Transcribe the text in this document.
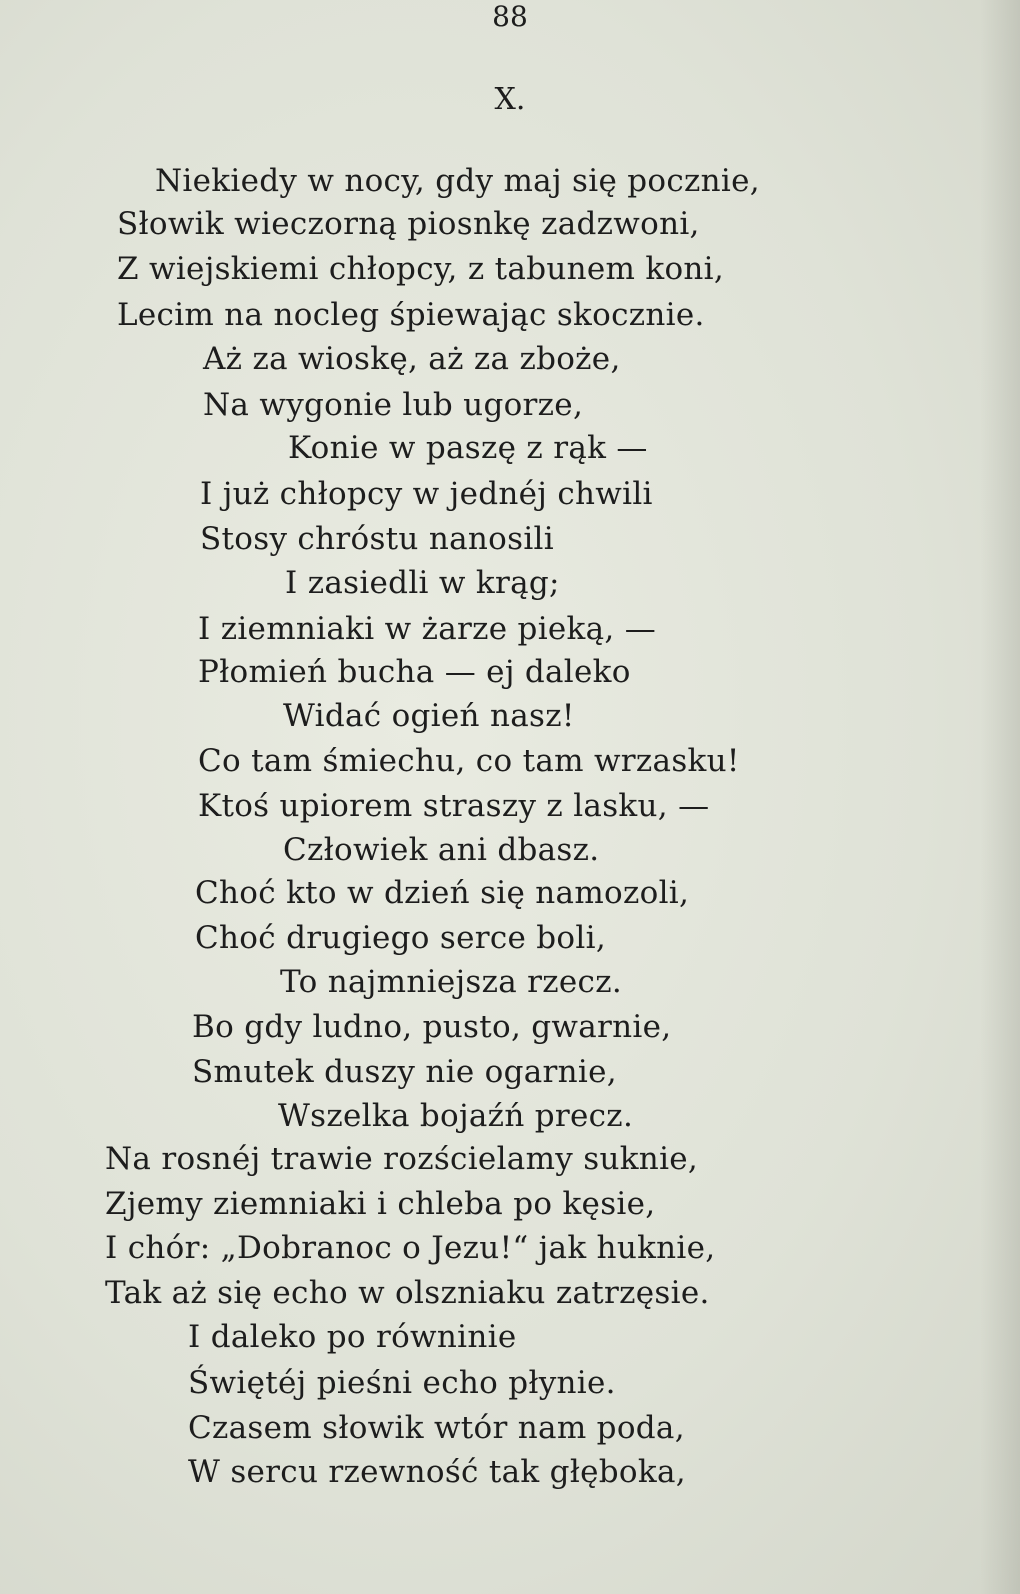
88
X.
Niekiedy w nocy, gdy maj się pocznie,
Słowik wieczorną piosnkę zadzwoni,
Z wiejskiemi chłopcy, z tabunem koni,
Lecim na nocleg śpiewając skocznie.
Aż za wioskę, aż za zboże,
Na wygonie lub ugorze,
Konie w paszę z rąk —
I już chłopcy w jednéj chwili
Stosy chróstu nanosili
I zasiedli w krąg;
I ziemniaki w żarze pieką, —
Płomień bucha — ej daleko
Widać ogień nasz!
Co tam śmiechu, co tam wrzasku!
Ktoś upiorem straszy z lasku, —
Człowiek ani dbasz.
Choć kto w dzień się namozoli,
Choć drugiego serce boli,
To najmniejsza rzecz.
Bo gdy ludno, pusto, gwarnie,
Smutek duszy nie ogarnie,
Wszelka bojaźń precz.
Na rosnéj trawie rozścielamy suknie,
Zjemy ziemniaki i chleba po kęsie,
I chór: „Dobranoc o Jezu!“ jak huknie,
Tak aż się echo w olszniaku zatrzęsie.
I daleko po równinie
Świętéj pieśni echo płynie.
Czasem słowik wtór nam poda,
W sercu rzewność tak głęboka,
